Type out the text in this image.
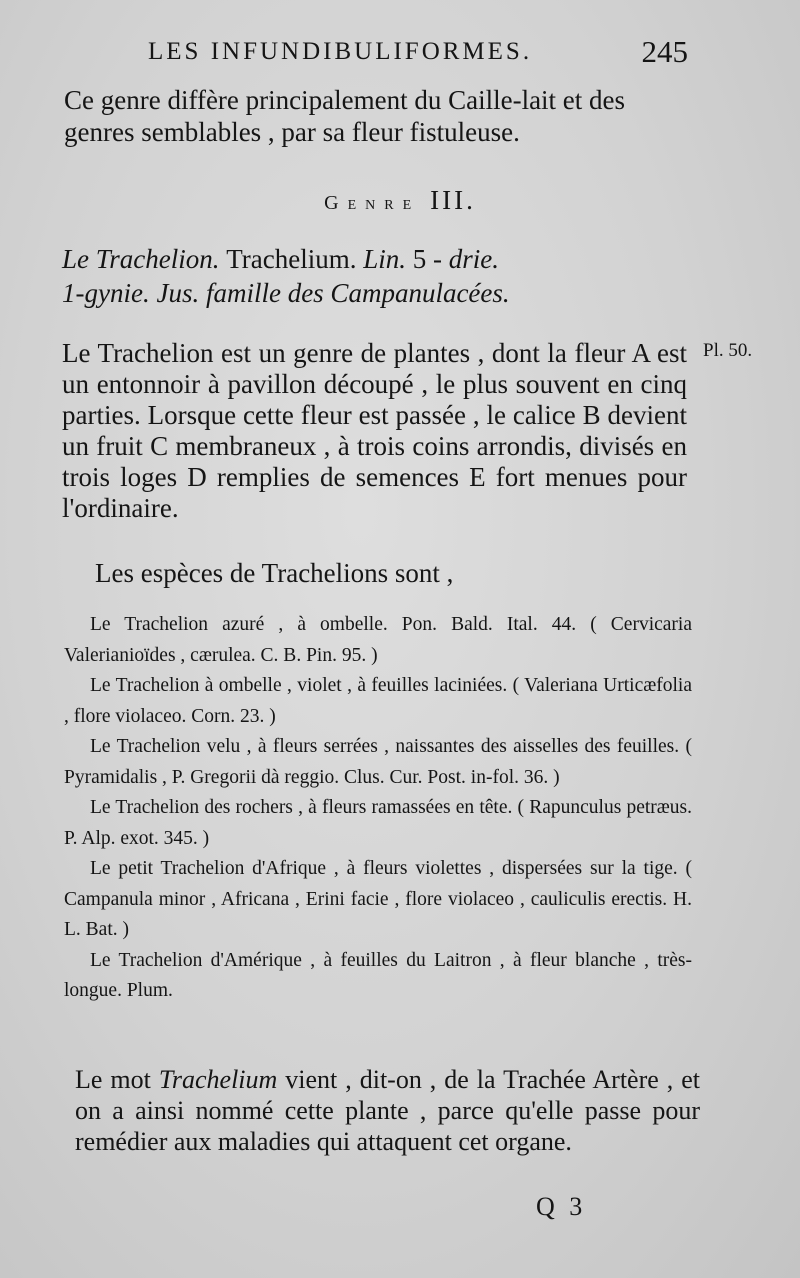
LES INFUNDIBULIFORMES.	245
Ce genre diffère principalement du Caille-lait et des genres semblables , par sa fleur fistuleuse.
Genre III.
Le Trachelion. Trachelium. Lin. 5 - drie.
1-gynie. Jus. famille des Campanulacées.
Pl. 50.
Le Trachelion est un genre de plantes , dont la fleur A est un entonnoir à pavillon découpé , le plus souvent en cinq parties. Lorsque cette fleur est passée , le calice B devient un fruit C membraneux , à trois coins arrondis, divisés en trois loges D remplies de semences E fort menues pour l'ordinaire.
Les espèces de Trachelions sont ,
Le Trachelion azuré , à ombelle. Pon. Bald. Ital. 44. ( Cervicaria Valerianioïdes , cærulea. C. B. Pin. 95. )
Le Trachelion à ombelle , violet , à feuilles laciniées. ( Valeriana Urticæfolia , flore violaceo. Corn. 23. )
Le Trachelion velu , à fleurs serrées , naissantes des aisselles des feuilles. ( Pyramidalis , P. Gregorii dà reggio. Clus. Cur. Post. in-fol. 36. )
Le Trachelion des rochers , à fleurs ramassées en tête. ( Rapunculus petræus. P. Alp. exot. 345. )
Le petit Trachelion d'Afrique , à fleurs violettes , dispersées sur la tige. ( Campanula minor , Africana , Erini facie , flore violaceo , cauliculis erectis. H. L. Bat. )
Le Trachelion d'Amérique , à feuilles du Laitron , à fleur blanche , très-longue. Plum.
Le mot Trachelium vient , dit-on , de la Trachée Artère , et on a ainsi nommé cette plante , parce qu'elle passe pour remédier aux maladies qui attaquent cet organe.
Q 3
